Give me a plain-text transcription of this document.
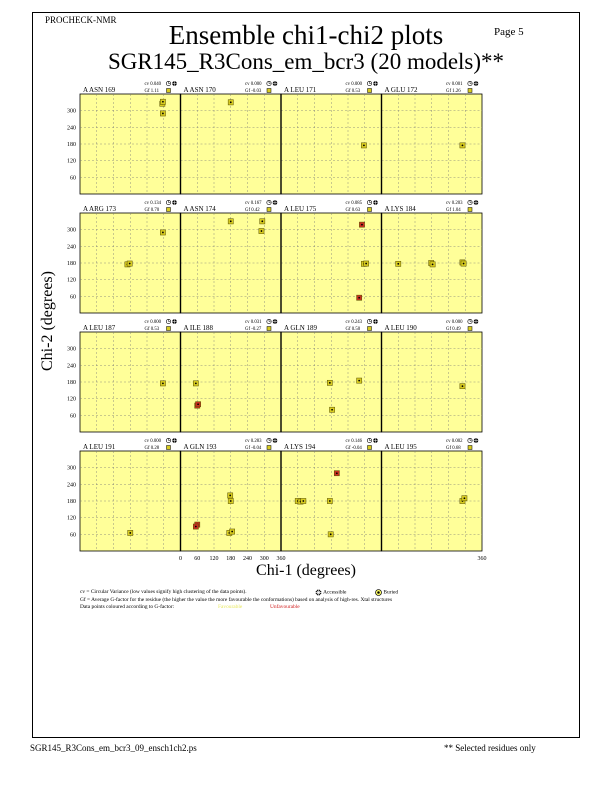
PROCHECK-NMR
Page 5
Ensemble chi1-chi2 plots
SGR145_R3Cons_em_bcr3 (20 models)**
A ASN 169
cv 0.040
Gf 1.11
60
120
180
240
300
A ASN 170
cv 0.000
Gf -0.03	A LEU 171
cv 0.000
Gf 0.53	A GLU 172
cv 0.001
Gf 1.26
A ARG 173
cv 0.134
Gf 0.70
60
120
180
240
300
A ASN 174
cv 0.167
Gf 0.42	A LEU 175
cv 0.085
Gf 0.63	A LYS 184
cv 0.203
Gf 1.04
A LEU 187
cv 0.000
Gf 0.53
60
120
180
240
300
A ILE 188
cv 0.031
Gf -0.27	A GLN 189
cv 0.243
Gf 0.50	A LEU 190
cv 0.000
Gf 0.49
A LEU 191
cv 0.000
Gf 0.28
60
120
180
240
300
A GLN 193
cv 0.283
Gf -0.04
0 60 120 180 240 300 360
A LYS 194
cv 0.146
Gf -0.04	A LEU 195
cv 0.002
Gf 0.68
360
Chi-2 (degrees)
Chi-1 (degrees)
cv = Circular Variance (low values signify high clustering of the data points).	Accessible	Buried
Gf = Average G-factor for the residue (the higher the value the more favourable the conformations) based on analysis of high-res. Xtal structures
Data points coloured according to G-factor:	Favourable	Unfavourable
SGR145_R3Cons_em_bcr3_09_ensch1ch2.ps	** Selected residues only
